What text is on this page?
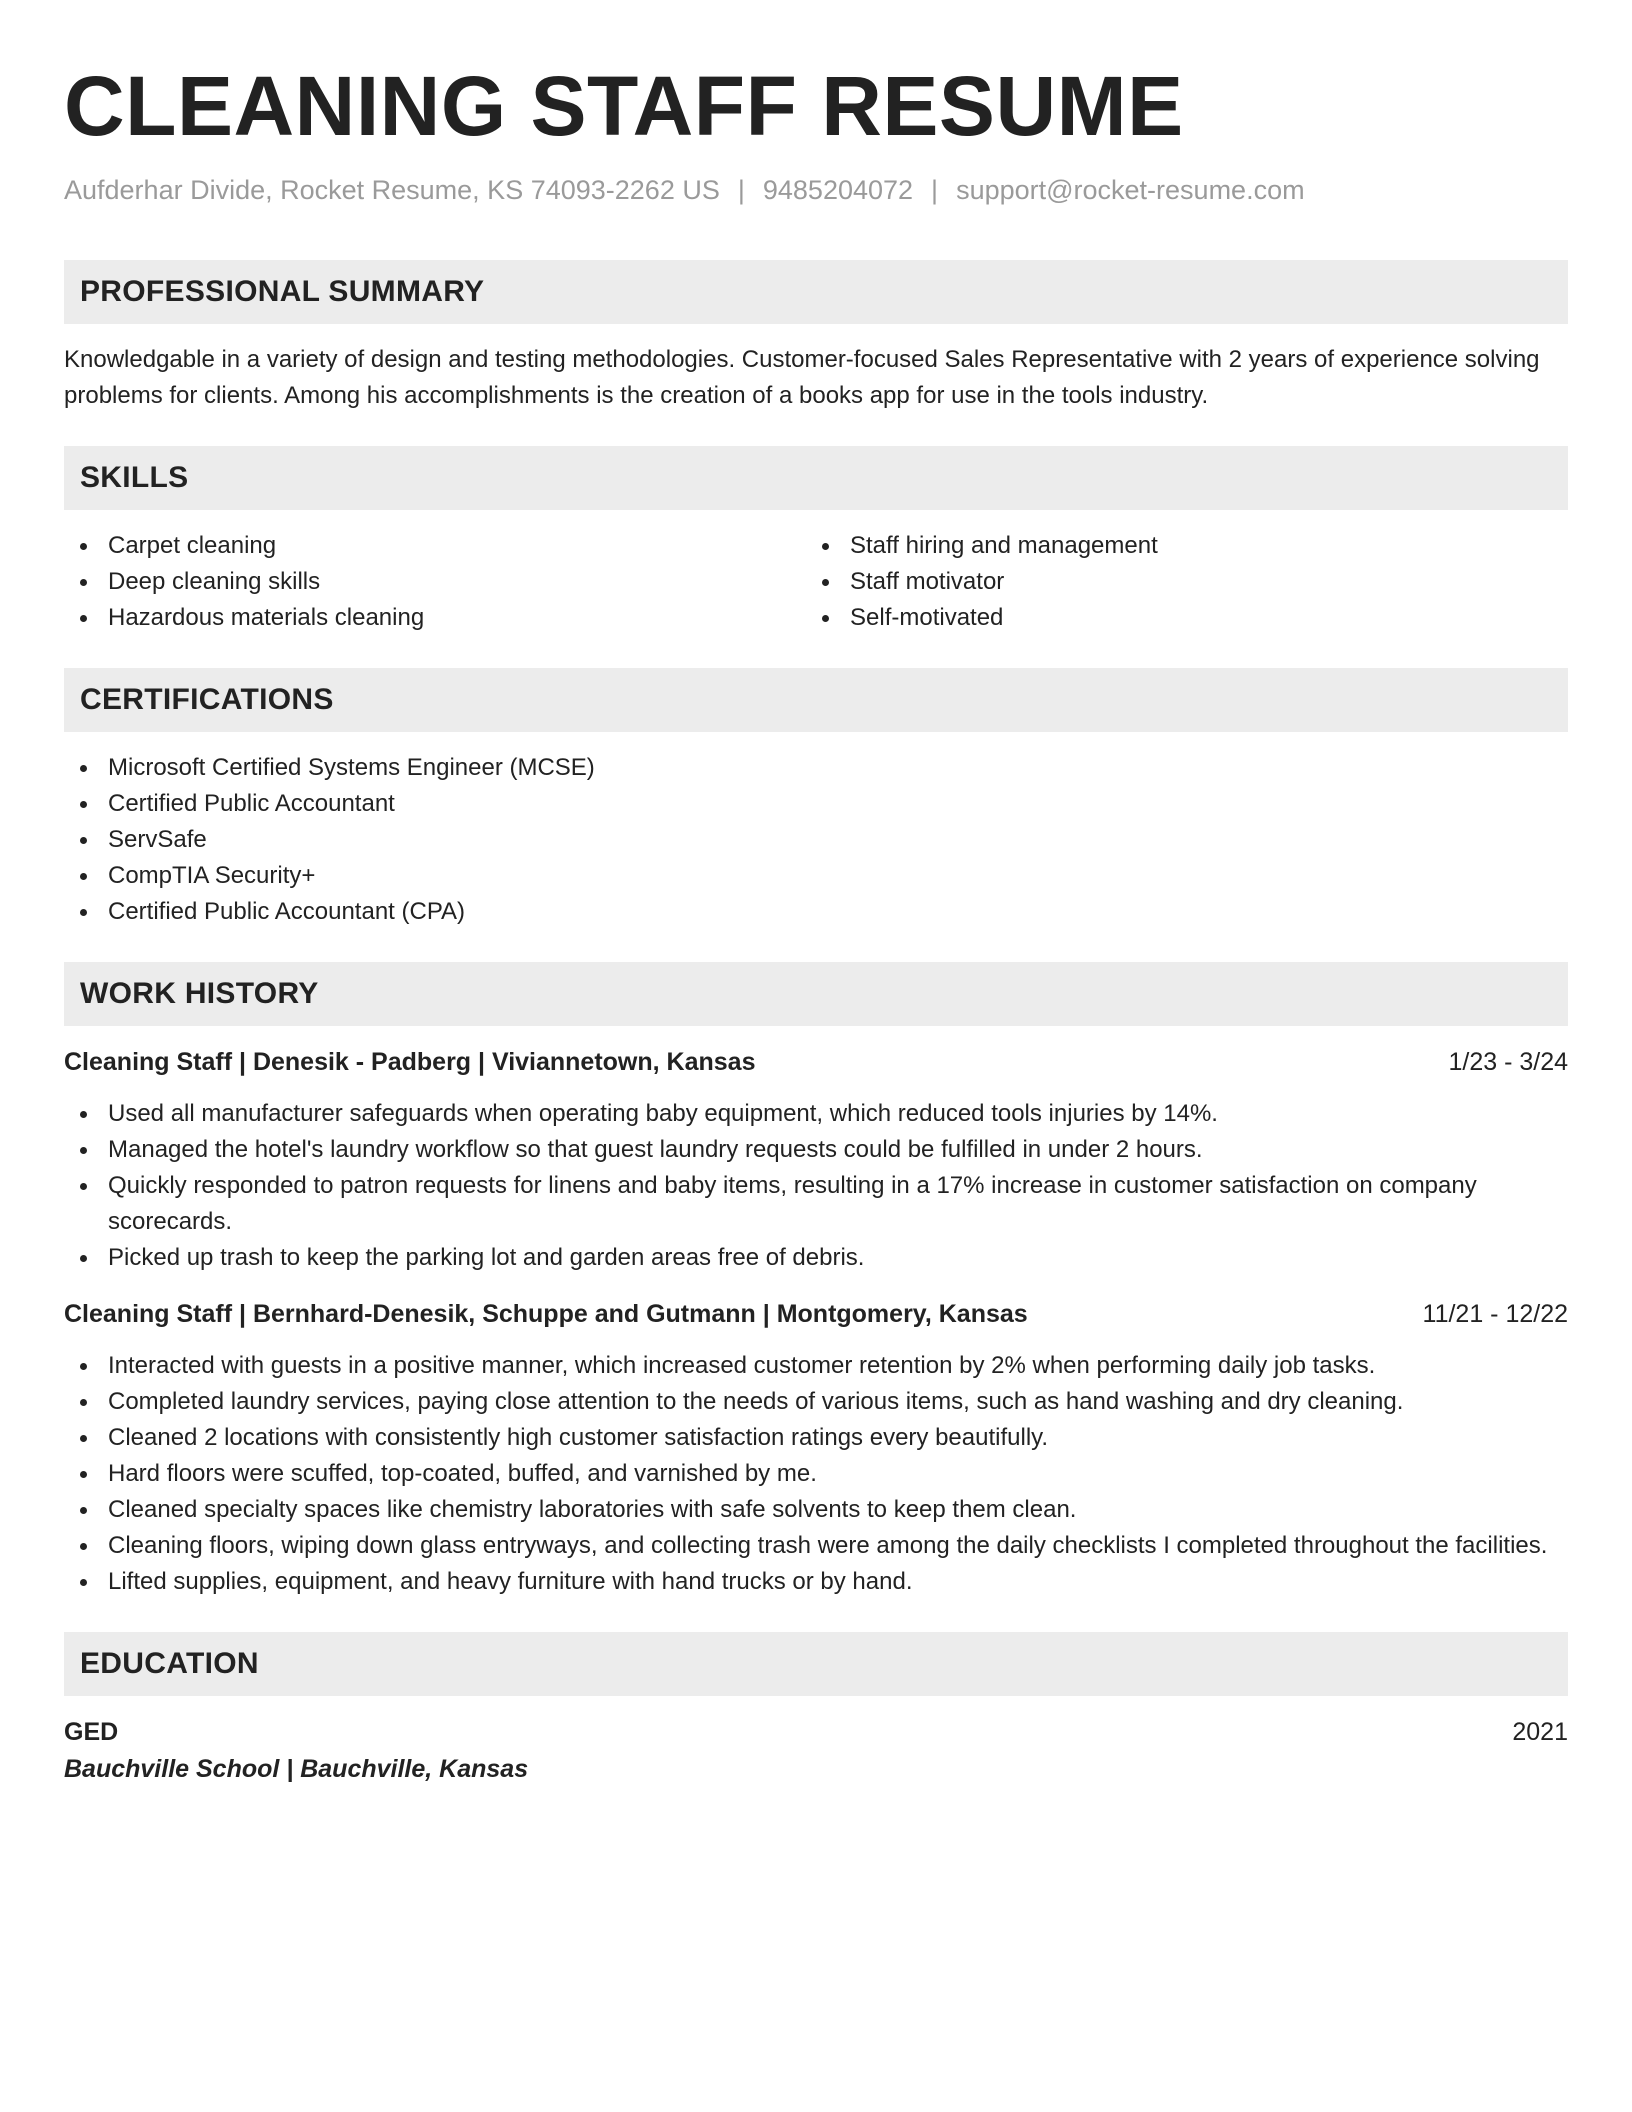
CLEANING STAFF RESUME
Aufderhar Divide, Rocket Resume, KS 74093-2262 US | 9485204072 | support@rocket-resume.com
PROFESSIONAL SUMMARY
Knowledgable in a variety of design and testing methodologies. Customer-focused Sales Representative with 2 years of experience solving problems for clients. Among his accomplishments is the creation of a books app for use in the tools industry.
SKILLS
Carpet cleaning
Deep cleaning skills
Hazardous materials cleaning
Staff hiring and management
Staff motivator
Self-motivated
CERTIFICATIONS
Microsoft Certified Systems Engineer (MCSE)
Certified Public Accountant
ServSafe
CompTIA Security+
Certified Public Accountant (CPA)
WORK HISTORY
Cleaning Staff | Denesik - Padberg | Viviannetown, Kansas	1/23 - 3/24
Used all manufacturer safeguards when operating baby equipment, which reduced tools injuries by 14%.
Managed the hotel's laundry workflow so that guest laundry requests could be fulfilled in under 2 hours.
Quickly responded to patron requests for linens and baby items, resulting in a 17% increase in customer satisfaction on company scorecards.
Picked up trash to keep the parking lot and garden areas free of debris.
Cleaning Staff | Bernhard-Denesik, Schuppe and Gutmann | Montgomery, Kansas	11/21 - 12/22
Interacted with guests in a positive manner, which increased customer retention by 2% when performing daily job tasks.
Completed laundry services, paying close attention to the needs of various items, such as hand washing and dry cleaning.
Cleaned 2 locations with consistently high customer satisfaction ratings every beautifully.
Hard floors were scuffed, top-coated, buffed, and varnished by me.
Cleaned specialty spaces like chemistry laboratories with safe solvents to keep them clean.
Cleaning floors, wiping down glass entryways, and collecting trash were among the daily checklists I completed throughout the facilities.
Lifted supplies, equipment, and heavy furniture with hand trucks or by hand.
EDUCATION
GED	2021
Bauchville School | Bauchville, Kansas
